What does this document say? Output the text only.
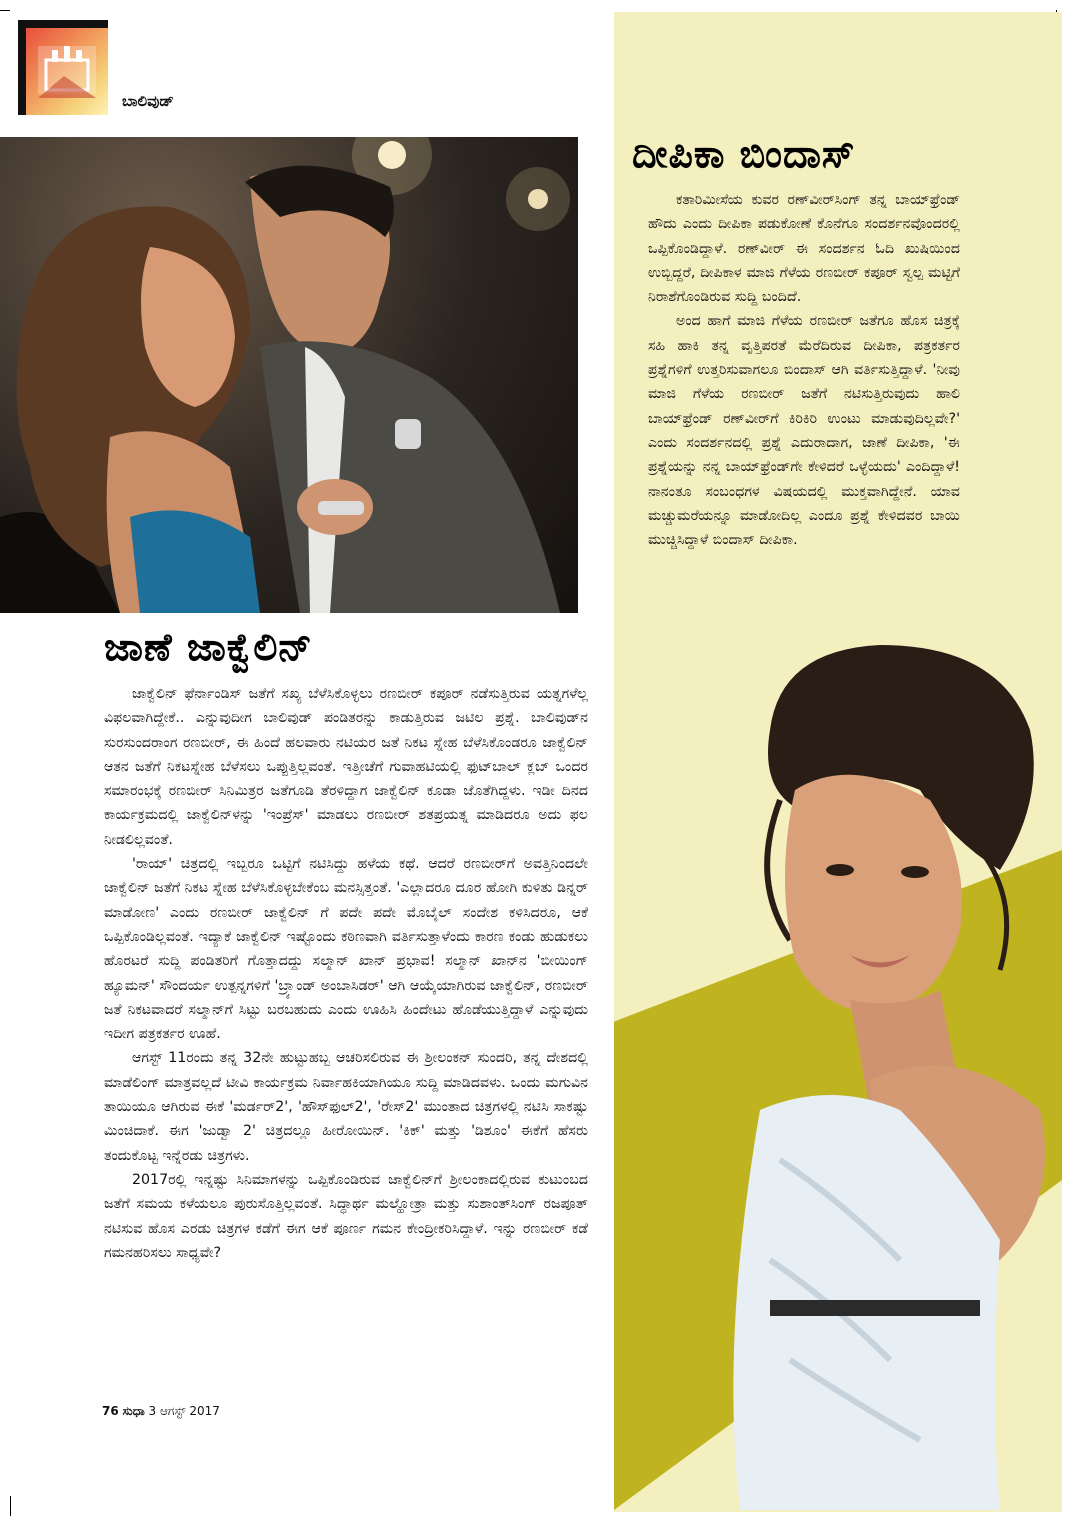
ಬಾಲಿವುಡ್
ದೀಪಿಕಾ ಬಿಂದಾಸ್
ಜಾಣೆ ಜಾಕ್ವೆಲಿನ್

ಕತಾರಿಮೀಸೆಯ ಕುವರ ರಣ್‌ವೀರ್‌ಸಿಂಗ್ ತನ್ನ ಬಾಯ್‌ಫ್ರೆಂಡ್ ಹೌದು ಎಂದು ದೀಪಿಕಾ ಪಡುಕೋಣೆ ಕೊನೆಗೂ ಸಂದರ್ಶನವೊಂದರಲ್ಲಿ ಒಪ್ಪಿಕೊಂಡಿದ್ದಾಳೆ. ರಣ್‌ವೀರ್ ಈ ಸಂದರ್ಶನ ಓದಿ ಖುಷಿಯಿಂದ ಉಬ್ಬಿದ್ದರೆ, ದೀಪಿಕಾಳ ಮಾಜಿ ಗೆಳೆಯ ರಣಬೀರ್ ಕಪೂರ್ ಸ್ವಲ್ಪ ಮಟ್ಟಿಗೆ ನಿರಾಶೆಗೊಂಡಿರುವ ಸುದ್ದಿ ಬಂದಿದೆ.

ಅಂದ ಹಾಗೆ ಮಾಜಿ ಗೆಳೆಯ ರಣಬೀರ್ ಜತೆಗೂ ಹೊಸ ಚಿತ್ರಕ್ಕೆ ಸಹಿ ಹಾಕಿ ತನ್ನ ವೃತ್ತಿಪರತೆ ಮೆರೆದಿರುವ ದೀಪಿಕಾ, ಪತ್ರಕರ್ತರ ಪ್ರಶ್ನೆಗಳಿಗೆ ಉತ್ತರಿಸುವಾಗಲೂ ಬಿಂದಾಸ್ ಆಗಿ ವರ್ತಿಸುತ್ತಿದ್ದಾಳೆ. 'ನೀವು ಮಾಜಿ ಗೆಳೆಯ ರಣಬೀರ್ ಜತೆಗೆ ನಟಿಸುತ್ತಿರುವುದು ಹಾಲಿ ಬಾಯ್‌ಫ್ರೆಂಡ್ ರಣ್‌ವೀರ್‌ಗೆ ಕಿರಿಕಿರಿ ಉಂಟು ಮಾಡುವುದಿಲ್ಲವೇ?' ಎಂದು ಸಂದರ್ಶನದಲ್ಲಿ ಪ್ರಶ್ನೆ ಎದುರಾದಾಗ, ಜಾಣೆ ದೀಪಿಕಾ, 'ಈ ಪ್ರಶ್ನೆಯನ್ನು ನನ್ನ ಬಾಯ್‌ಫ್ರೆಂಡ್‌ಗೇ ಕೇಳಿದರೆ ಒಳ್ಳೆಯದು' ಎಂದಿದ್ದಾಳೆ! ನಾನಂತೂ ಸಂಬಂಧಗಳ ವಿಷಯದಲ್ಲಿ ಮುಕ್ತವಾಗಿದ್ದೇನೆ. ಯಾವ ಮಚ್ಚುಮರೆಯನ್ನೂ ಮಾಡೋದಿಲ್ಲ ಎಂದೂ ಪ್ರಶ್ನೆ ಕೇಳಿದವರ ಬಾಯಿ ಮುಚ್ಚಿಸಿದ್ದಾಳೆ ಬಿಂದಾಸ್ ದೀಪಿಕಾ.

ಜಾಕ್ವೆಲಿನ್ ಫೆರ್ನಾಂಡಿಸ್ ಜತೆಗೆ ಸಖ್ಯ ಬೆಳೆಸಿಕೊಳ್ಳಲು ರಣಬೀರ್ ಕಪೂರ್ ನಡೆಸುತ್ತಿರುವ ಯತ್ನಗಳೆಲ್ಲ ವಿಫಲವಾಗಿದ್ದೇಕೆ.. ಎನ್ನುವುದೀಗ ಬಾಲಿವುಡ್ ಪಂಡಿತರನ್ನು ಕಾಡುತ್ತಿರುವ ಜಟಿಲ ಪ್ರಶ್ನೆ. ಬಾಲಿವುಡ್‌ನ ಸುರಸುಂದರಾಂಗ ರಣಬೀರ್, ಈ ಹಿಂದೆ ಹಲವಾರು ನಟಿಯರ ಜತೆ ನಿಕಟ ಸ್ನೇಹ ಬೆಳೆಸಿಕೊಂಡರೂ ಜಾಕ್ವೆಲಿನ್ ಆತನ ಜತೆಗೆ ನಿಕಟಸ್ನೇಹ ಬೆಳೆಸಲು ಒಪ್ಪುತ್ತಿಲ್ಲವಂತೆ. ಇತ್ತೀಚೆಗೆ ಗುವಾಹಟಿಯಲ್ಲಿ ಫುಟ್‌ಬಾಲ್ ಕ್ಲಬ್ ಒಂದರ ಸಮಾರಂಭಕ್ಕೆ ರಣಬೀರ್ ಸಿನಿಮಿತ್ರರ ಜತೆಗೂಡಿ ತೆರಳಿದ್ದಾಗ ಜಾಕ್ವೆಲಿನ್ ಕೂಡಾ ಜೊತೆಗಿದ್ದಳು. ಇಡೀ ದಿನದ ಕಾರ್ಯಕ್ರಮದಲ್ಲಿ ಜಾಕ್ವೆಲಿನ್‌ಳನ್ನು 'ಇಂಪ್ರೆಸ್' ಮಾಡಲು ರಣಬೀರ್ ಶತಪ್ರಯತ್ನ ಮಾಡಿದರೂ ಅದು ಫಲ ನೀಡಲಿಲ್ಲವಂತೆ.

'ರಾಯ್' ಚಿತ್ರದಲ್ಲಿ ಇಬ್ಬರೂ ಒಟ್ಟಿಗೆ ನಟಿಸಿದ್ದು ಹಳೆಯ ಕಥೆ. ಆದರೆ ರಣಬೀರ್‌ಗೆ ಅವತ್ತಿನಿಂದಲೇ ಜಾಕ್ವೆಲಿನ್ ಜತೆಗೆ ನಿಕಟ ಸ್ನೇಹ ಬೆಳೆಸಿಕೊಳ್ಳಬೇಕೆಂಬ ಮನಸ್ಸಿತ್ತಂತೆ. 'ಎಲ್ಲಾದರೂ ದೂರ ಹೋಗಿ ಕುಳಿತು ಡಿನ್ನರ್ ಮಾಡೋಣ' ಎಂದು ರಣಬೀರ್ ಜಾಕ್ವೆಲಿನ್ ಗೆ ಪದೇ ಪದೇ ಮೊಬೈಲ್ ಸಂದೇಶ ಕಳಿಸಿದರೂ, ಆಕೆ ಒಪ್ಪಿಕೊಂಡಿಲ್ಲವಂತೆ. ಇದ್ಯಾಕೆ ಜಾಕ್ವೆಲಿನ್ ಇಷ್ಟೊಂದು ಕಠಿಣವಾಗಿ ವರ್ತಿಸುತ್ತಾಳೆಂದು ಕಾರಣ ಕಂಡು ಹುಡುಕಲು ಹೊರಟರೆ ಸುದ್ದಿ ಪಂಡಿತರಿಗೆ ಗೊತ್ತಾದದ್ದು ಸಲ್ಮಾನ್ ಖಾನ್ ಪ್ರಭಾವ! ಸಲ್ಮಾನ್ ಖಾನ್‌ನ 'ಬೀಯಿಂಗ್ ಹ್ಯೂಮನ್' ಸೌಂದರ್ಯ ಉತ್ಪನ್ನಗಳಿಗೆ 'ಬ್ರ್ಯಾಂಡ್ ಅಂಬಾಸಿಡರ್' ಆಗಿ ಆಯ್ಕೆಯಾಗಿರುವ ಜಾಕ್ವೆಲಿನ್, ರಣಬೀರ್ ಜತೆ ನಿಕಟವಾದರೆ ಸಲ್ಮಾನ್‌ಗೆ ಸಿಟ್ಟು ಬರಬಹುದು ಎಂದು ಊಹಿಸಿ ಹಿಂದೇಟು ಹೊಡೆಯುತ್ತಿದ್ದಾಳೆ ಎನ್ನುವುದು ಇದೀಗ ಪತ್ರಕರ್ತರ ಊಹೆ.

ಆಗಸ್ಟ್ 11ರಂದು ತನ್ನ 32ನೇ ಹುಟ್ಟುಹಬ್ಬ ಆಚರಿಸಲಿರುವ ಈ ಶ್ರೀಲಂಕನ್ ಸುಂದರಿ, ತನ್ನ ದೇಶದಲ್ಲಿ ಮಾಡೆಲಿಂಗ್ ಮಾತ್ರವಲ್ಲದೆ ಟೀವಿ ಕಾರ್ಯಕ್ರಮ ನಿರ್ವಾಹಕಿಯಾಗಿಯೂ ಸುದ್ದಿ ಮಾಡಿದವಳು. ಒಂದು ಮಗುವಿನ ತಾಯಿಯೂ ಆಗಿರುವ ಈಕೆ 'ಮರ್ಡರ್2', 'ಹೌಸ್‌ಫುಲ್2', 'ರೇಸ್2' ಮುಂತಾದ ಚಿತ್ರಗಳಲ್ಲಿ ನಟಿಸಿ ಸಾಕಷ್ಟು ಮಿಂಚಿದಾಕೆ. ಈಗ 'ಜುಡ್ವಾ 2' ಚಿತ್ರದಲ್ಲೂ ಹೀರೋಯಿನ್. 'ಕಿಕ್' ಮತ್ತು 'ಡಿಶೂಂ' ಈಕೆಗೆ ಹೆಸರು ತಂದುಕೊಟ್ಟ ಇನ್ನೆರಡು ಚಿತ್ರಗಳು.

2017ರಲ್ಲಿ ಇನ್ನಷ್ಟು ಸಿನಿಮಾಗಳನ್ನು ಒಪ್ಪಿಕೊಂಡಿರುವ ಜಾಕ್ವೆಲಿನ್‌ಗೆ ಶ್ರೀಲಂಕಾದಲ್ಲಿರುವ ಕುಟುಂಬದ ಜತೆಗೆ ಸಮಯ ಕಳೆಯಲೂ ಪುರುಸೊತ್ತಿಲ್ಲವಂತೆ. ಸಿದ್ಧಾರ್ಥ ಮಲ್ಹೋತ್ರಾ ಮತ್ತು ಸುಶಾಂತ್‌ಸಿಂಗ್ ರಜಪೂತ್ ನಟಿಸುವ ಹೊಸ ಎರಡು ಚಿತ್ರಗಳ ಕಡೆಗೆ ಈಗ ಆಕೆ ಪೂರ್ಣ ಗಮನ ಕೇಂದ್ರೀಕರಿಸಿದ್ದಾಳೆ. ಇನ್ನು ರಣಬೀರ್ ಕಡೆ ಗಮನಹರಿಸಲು ಸಾಧ್ಯವೇ?

76 ಸುಧಾ 3 ಆಗಸ್ಟ್ 2017
